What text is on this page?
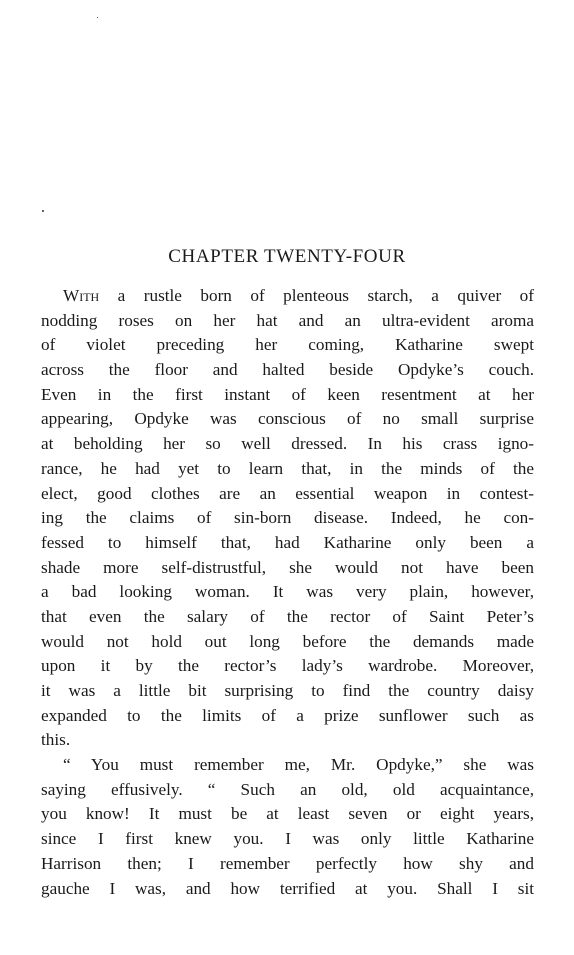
CHAPTER TWENTY-FOUR
With a rustle born of plenteous starch, a quiver of
nodding roses on her hat and an ultra-evident aroma
of violet preceding her coming, Katharine swept
across the floor and halted beside Opdyke’s couch.
Even in the first instant of keen resentment at her
appearing, Opdyke was conscious of no small surprise
at beholding her so well dressed. In his crass igno-
rance, he had yet to learn that, in the minds of the
elect, good clothes are an essential weapon in contest-
ing the claims of sin-born disease. Indeed, he con-
fessed to himself that, had Katharine only been a
shade more self-distrustful, she would not have been
a bad looking woman. It was very plain, however,
that even the salary of the rector of Saint Peter’s
would not hold out long before the demands made
upon it by the rector’s lady’s wardrobe. Moreover,
it was a little bit surprising to find the country daisy
expanded to the limits of a prize sunflower such as
this.
“ You must remember me, Mr. Opdyke,” she was
saying effusively. “ Such an old, old acquaintance,
you know! It must be at least seven or eight years,
since I first knew you. I was only little Katharine
Harrison then; I remember perfectly how shy and
gauche I was, and how terrified at you. Shall I sit
